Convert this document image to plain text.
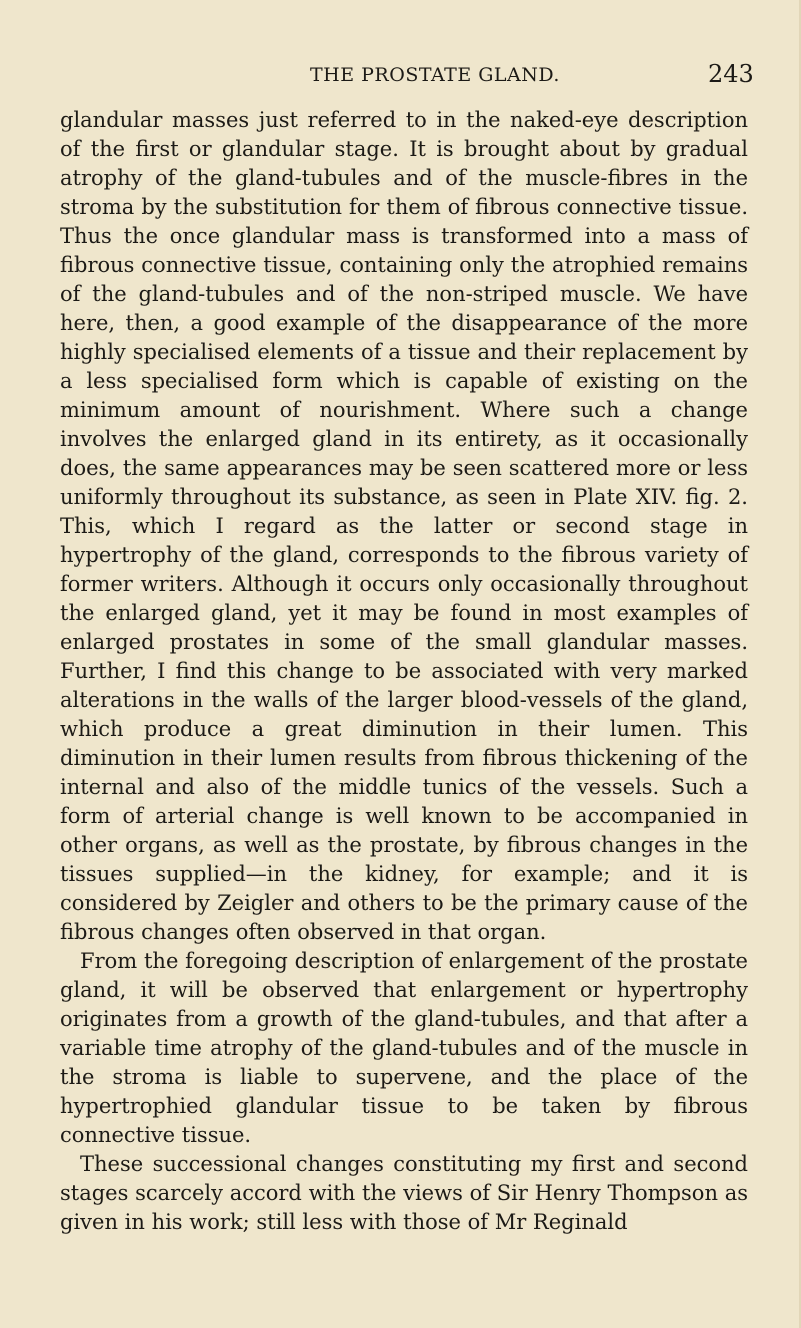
THE PROSTATE GLAND.	243

glandular masses just referred to in the naked-eye description of the first or glandular stage. It is brought about by gradual atrophy of the gland-tubules and of the muscle-fibres in the stroma by the substitution for them of fibrous connective tissue. Thus the once glandular mass is transformed into a mass of fibrous connective tissue, containing only the atrophied remains of the gland-tubules and of the non-striped muscle. We have here, then, a good example of the disappearance of the more highly specialised elements of a tissue and their replacement by a less specialised form which is capable of existing on the minimum amount of nourishment. Where such a change involves the enlarged gland in its entirety, as it occasionally does, the same appearances may be seen scattered more or less uniformly throughout its substance, as seen in Plate XIV. fig. 2. This, which I regard as the latter or second stage in hypertrophy of the gland, corresponds to the fibrous variety of former writers. Although it occurs only occasionally throughout the enlarged gland, yet it may be found in most examples of enlarged prostates in some of the small glandular masses. Further, I find this change to be associated with very marked alterations in the walls of the larger blood-vessels of the gland, which produce a great diminution in their lumen. This diminution in their lumen results from fibrous thickening of the internal and also of the middle tunics of the vessels. Such a form of arterial change is well known to be accompanied in other organs, as well as the prostate, by fibrous changes in the tissues supplied—in the kidney, for example; and it is considered by Zeigler and others to be the primary cause of the fibrous changes often observed in that organ.

From the foregoing description of enlargement of the prostate gland, it will be observed that enlargement or hypertrophy originates from a growth of the gland-tubules, and that after a variable time atrophy of the gland-tubules and of the muscle in the stroma is liable to supervene, and the place of the hypertrophied glandular tissue to be taken by fibrous connective tissue.

These successional changes constituting my first and second stages scarcely accord with the views of Sir Henry Thompson as given in his work; still less with those of Mr Reginald
